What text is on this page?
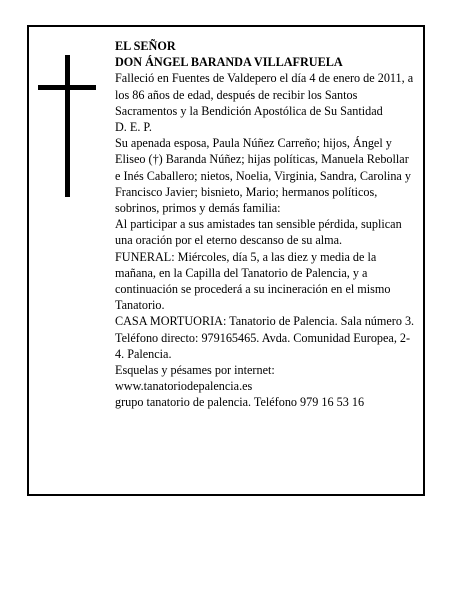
EL SEÑOR

DON ÁNGEL BARANDA VILLAFRUELA

Falleció en Fuentes de Valdepero el día 4 de enero de 2011, a los 86 años de edad, después de recibir los Santos Sacramentos y la Bendición Apostólica de Su Santidad

D. E. P.

Su apenada esposa, Paula Núñez Carreño; hijos, Ángel y Eliseo (†) Baranda Núñez; hijas políticas, Manuela Rebollar e Inés Caballero; nietos, Noelia, Virginia, Sandra, Carolina y Francisco Javier; bisnieto, Mario; hermanos políticos, sobrinos, primos y demás familia:

Al participar a sus amistades tan sensible pérdida, suplican una oración por el eterno descanso de su alma.

FUNERAL: Miércoles, día 5, a las diez y media de la mañana, en la Capilla del Tanatorio de Palencia, y a continuación se procederá a su incineración en el mismo Tanatorio.

CASA MORTUORIA: Tanatorio de Palencia. Sala número 3. Teléfono directo: 979165465. Avda. Comunidad Europea, 2-4. Palencia.

Esquelas y pésames por internet:

www.tanatoriodepalencia.es

grupo tanatorio de palencia. Teléfono 979 16 53 16
